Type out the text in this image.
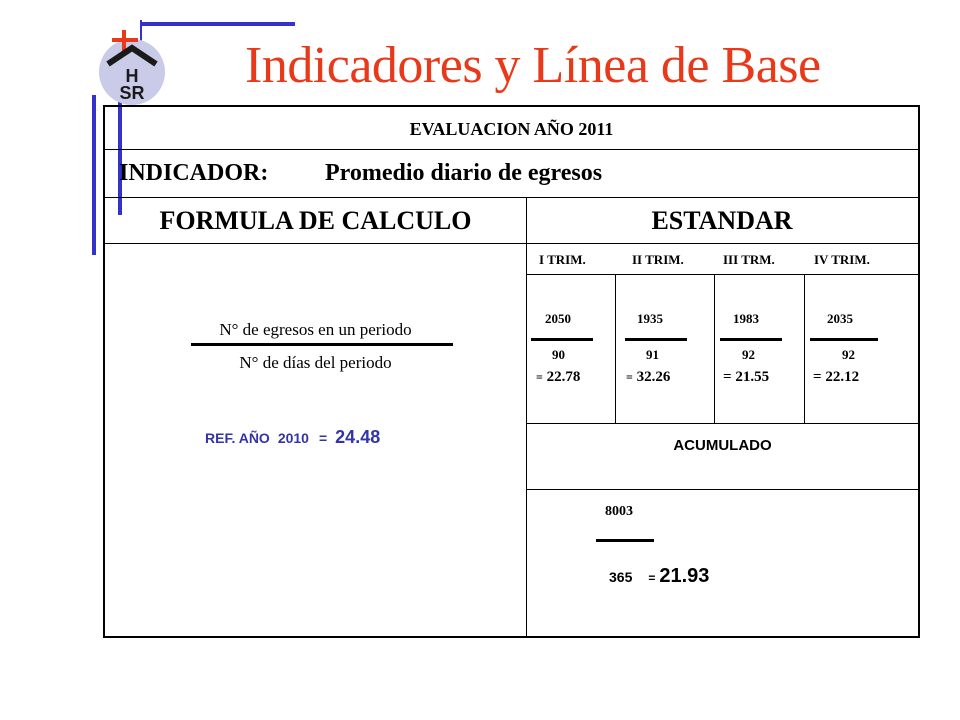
H
SR Indicadores y Línea de Base
EVALUACION AÑO 2011
INDICADOR: Promedio diario de egresos
FORMULA DE CALCULO	ESTANDAR
N° de egresos en un periodo
N° de días del periodo
REF. AÑO 2010 = 24.48
I TRIM.
2050
90
= 22.78
II TRIM.
1935
91
= 32.26
III TRM.
1983
92
= 21.55
IV TRIM.
2035
92
= 22.12
ACUMULADO
8003
365 = 21.93
